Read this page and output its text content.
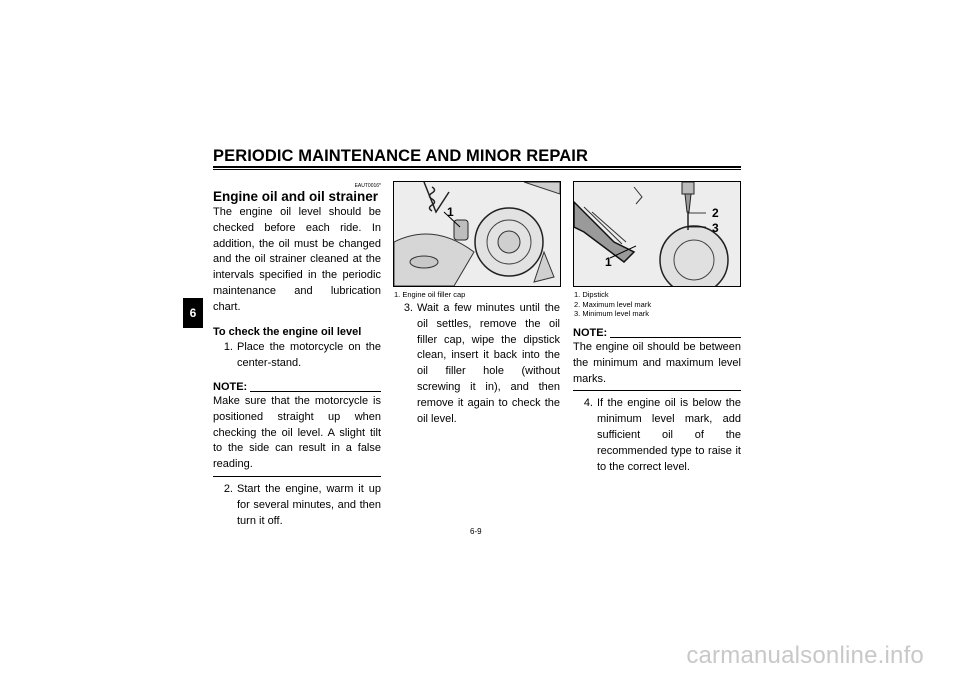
PERIODIC MAINTENANCE AND MINOR REPAIR
6
EAUT0016*
Engine oil and oil strainer

The engine oil level should be checked before each ride. In addition, the oil must be changed and the oil strainer cleaned at the intervals specified in the periodic maintenance and lubrication chart.

To check the engine oil level

1. Place the motorcycle on the center-stand.
NOTE:

Make sure that the motorcycle is positioned straight up when checking the oil level. A slight tilt to the side can result in a false reading.

2. Start the engine, warm it up for several minutes, and then turn it off.
1
1. Engine oil filler cap
3. Wait a few minutes until the oil settles, remove the oil filler cap, wipe the dipstick clean, insert it back into the oil filler hole (without screwing it in), and then remove it again to check the oil level.
2
3
1
1. Dipstick
2. Maximum level mark
3. Minimum level mark
NOTE:

The engine oil should be between the minimum and maximum level marks.

4. If the engine oil is below the minimum level mark, add sufficient oil of the recommended type to raise it to the correct level.
6-9
carmanualsonline.info
